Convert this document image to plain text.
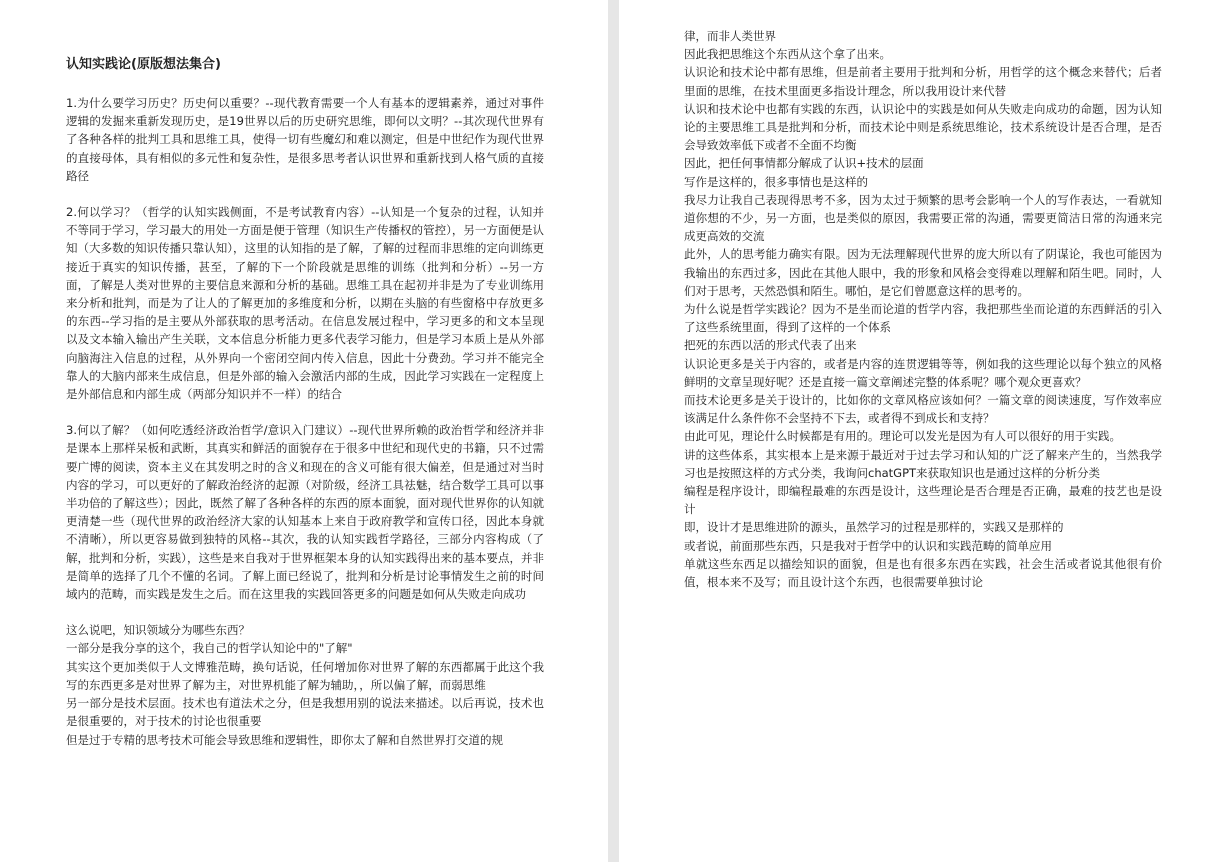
认知实践论(原版想法集合)
1.为什么要学习历史？历史何以重要？--现代教育需要一个人有基本的逻辑素养，通过对事件逻辑的发掘来重新发现历史，是19世界以后的历史研究思维，即何以文明？--其次现代世界有了各种各样的批判工具和思维工具，使得一切有些魔幻和难以测定，但是中世纪作为现代世界的直接母体，具有相似的多元性和复杂性，是很多思考者认识世界和重新找到人格气质的直接路径
2.何以学习？（哲学的认知实践侧面，不是考试教育内容）--认知是一个复杂的过程，认知并不等同于学习，学习最大的用处一方面是便于管理（知识生产传播权的管控），另一方面便是认知（大多数的知识传播只靠认知），这里的认知指的是了解，了解的过程而非思维的定向训练更接近于真实的知识传播，甚至，了解的下一个阶段就是思维的训练（批判和分析）--另一方面，了解是人类对世界的主要信息来源和分析的基础。思维工具在起初并非是为了专业训练用来分析和批判，而是为了让人的了解更加的多维度和分析，以期在头脑的有些窗格中存放更多的东西--学习指的是主要从外部获取的思考活动。在信息发展过程中，学习更多的和文本呈现以及文本输入输出产生关联，文本信息分析能力更多代表学习能力，但是学习本质上是从外部向脑海注入信息的过程，从外界向一个密闭空间内传入信息，因此十分费劲。学习并不能完全靠人的大脑内部来生成信息，但是外部的输入会激活内部的生成，因此学习实践在一定程度上是外部信息和内部生成（两部分知识并不一样）的结合
3.何以了解？（如何吃透经济政治哲学/意识入门建议）--现代世界所赖的政治哲学和经济并非是课本上那样呆板和武断，其真实和鲜活的面貌存在于很多中世纪和现代史的书籍，只不过需要广博的阅读，资本主义在其发明之时的含义和现在的含义可能有很大偏差，但是通过对当时内容的学习，可以更好的了解政治经济的起源（对阶级，经济工具祛魅，结合数学工具可以事半功倍的了解这些）；因此，既然了解了各种各样的东西的原本面貌，面对现代世界你的认知就更清楚一些（现代世界的政治经济大家的认知基本上来自于政府教学和宣传口径，因此本身就不清晰），所以更容易做到独特的风格--其次，我的认知实践哲学路径，三部分内容构成（了解，批判和分析，实践），这些是来自我对于世界框架本身的认知实践得出来的基本要点，并非是简单的选择了几个不懂的名词。了解上面已经说了，批判和分析是讨论事情发生之前的时间域内的范畴，而实践是发生之后。而在这里我的实践回答更多的问题是如何从失败走向成功
这么说吧，知识领域分为哪些东西？
一部分是我分享的这个，我自己的哲学认知论中的"了解"
其实这个更加类似于人文博雅范畴，换句话说，任何增加你对世界了解的东西都属于此这个我写的东西更多是对世界了解为主，对世界机能了解为辅助，，所以偏了解，而弱思维
另一部分是技术层面。技术也有道法术之分，但是我想用别的说法来描述。以后再说，技术也是很重要的，对于技术的讨论也很重要
但是过于专精的思考技术可能会导致思维和逻辑性，即你太了解和自然世界打交道的规
律，而非人类世界
因此我把思维这个东西从这个拿了出来。
认识论和技术论中都有思维，但是前者主要用于批判和分析，用哲学的这个概念来替代；后者里面的思维，在技术里面更多指设计理念，所以我用设计来代替
认识和技术论中也都有实践的东西，认识论中的实践是如何从失败走向成功的命题，因为认知论的主要思维工具是批判和分析，而技术论中则是系统思维论，技术系统设计是否合理，是否会导致效率低下或者不全面不均衡
因此，把任何事情都分解成了认识+技术的层面
写作是这样的，很多事情也是这样的
我尽力让我自己表现得思考不多，因为太过于频繁的思考会影响一个人的写作表达，一看就知道你想的不少，另一方面，也是类似的原因，我需要正常的沟通，需要更简洁日常的沟通来完成更高效的交流
此外，人的思考能力确实有限。因为无法理解现代世界的庞大所以有了阴谋论，我也可能因为我输出的东西过多，因此在其他人眼中，我的形象和风格会变得难以理解和陌生吧。同时，人们对于思考，天然恐惧和陌生。哪怕，是它们曾愿意这样的思考的。
为什么说是哲学实践论？因为不是坐而论道的哲学内容，我把那些坐而论道的东西鲜活的引入了这些系统里面，得到了这样的一个体系
把死的东西以活的形式代表了出来
认识论更多是关于内容的，或者是内容的连贯逻辑等等，例如我的这些理论以每个独立的风格鲜明的文章呈现好呢？还是直接一篇文章阐述完整的体系呢？哪个观众更喜欢？
而技术论更多是关于设计的，比如你的文章风格应该如何？一篇文章的阅读速度，写作效率应该满足什么条件你不会坚持不下去，或者得不到成长和支持？
由此可见，理论什么时候都是有用的。理论可以发光是因为有人可以很好的用于实践。
讲的这些体系，其实根本上是来源于最近对于过去学习和认知的广泛了解来产生的，当然我学习也是按照这样的方式分类，我询问chatGPT来获取知识也是通过这样的分析分类
编程是程序设计，即编程最难的东西是设计，这些理论是否合理是否正确，最难的技艺也是设计
即，设计才是思维进阶的源头，虽然学习的过程是那样的，实践又是那样的
或者说，前面那些东西，只是我对于哲学中的认识和实践范畴的简单应用
单就这些东西足以描绘知识的面貌，但是也有很多东西在实践，社会生活或者说其他很有价值，根本来不及写；而且设计这个东西，也很需要单独讨论
